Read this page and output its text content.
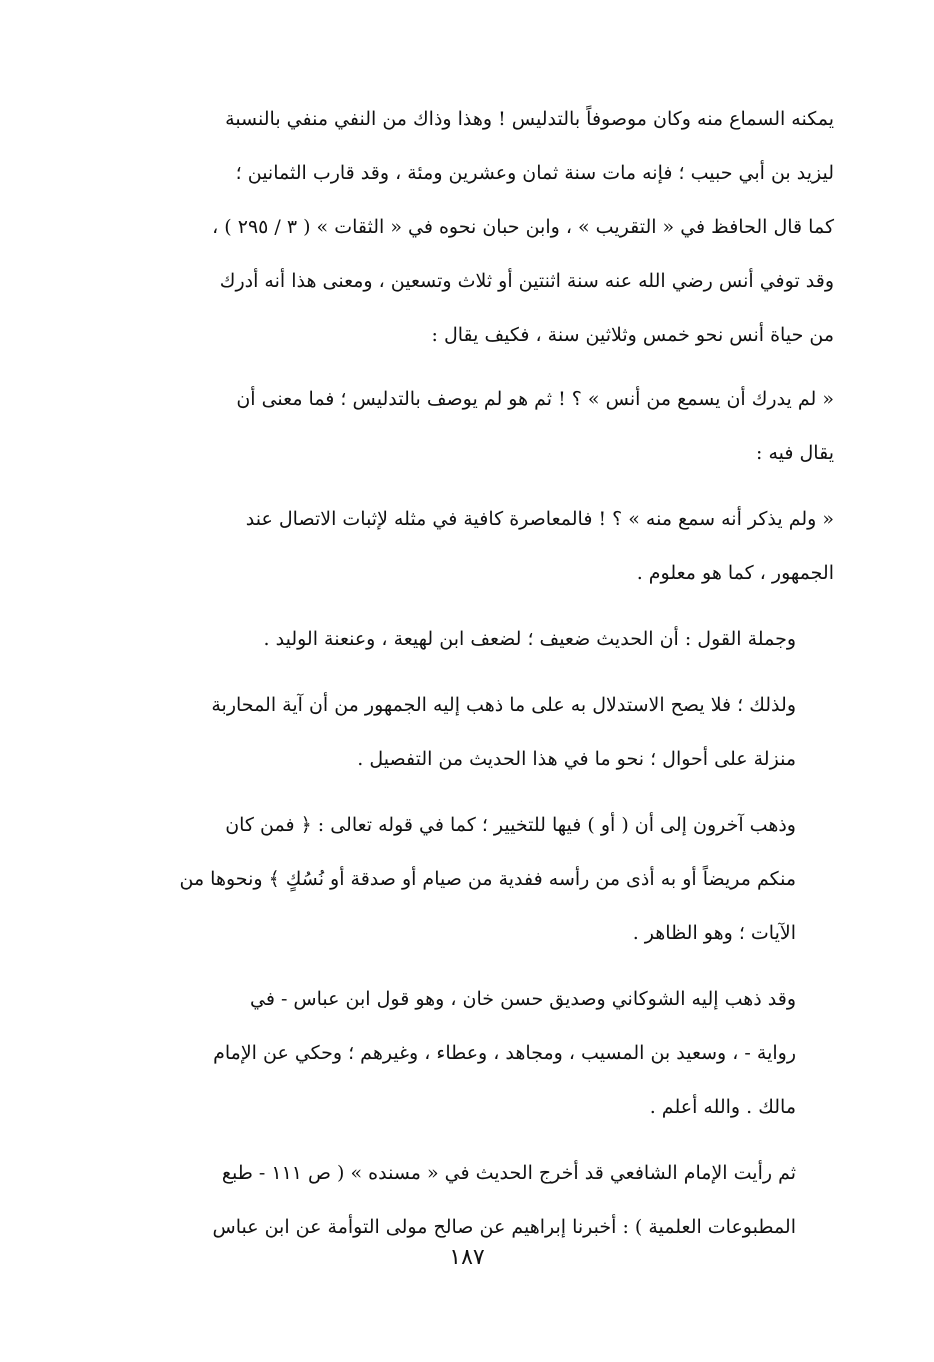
يمكنه السماع منه وكان موصوفاً بالتدليس ! وهذا وذاك من النفي منفي بالنسبة
ليزيد بن أبي حبيب ؛ فإنه مات سنة ثمان وعشرين ومئة ، وقد قارب الثمانين ؛
كما قال الحافظ في « التقريب » ، وابن حبان نحوه في « الثقات » ( ٣ / ٢٩٥ ) ،
وقد توفي أنس رضي الله عنه سنة اثنتين أو ثلاث وتسعين ، ومعنى هذا أنه أدرك
من حياة أنس نحو خمس وثلاثين سنة ، فكيف يقال :

« لم يدرك أن يسمع من أنس » ؟ ! ثم هو لم يوصف بالتدليس ؛ فما معنى أن
يقال فيه :

« ولم يذكر أنه سمع منه » ؟ ! فالمعاصرة كافية في مثله لإثبات الاتصال عند
الجمهور ، كما هو معلوم .

وجملة القول : أن الحديث ضعيف ؛ لضعف ابن لهيعة ، وعنعنة الوليد .

ولذلك ؛ فلا يصح الاستدلال به على ما ذهب إليه الجمهور من أن آية المحاربة
منزلة على أحوال ؛ نحو ما في هذا الحديث من التفصيل .

وذهب آخرون إلى أن ( أو ) فيها للتخيير ؛ كما في قوله تعالى : ﴿ فمن كان
منكم مريضاً أو به أذى من رأسه ففدية من صيام أو صدقة أو نُسُكٍ ﴾ ونحوها من
الآيات ؛ وهو الظاهر .

وقد ذهب إليه الشوكاني وصديق حسن خان ، وهو قول ابن عباس - في
رواية - ، وسعيد بن المسيب ، ومجاهد ، وعطاء ، وغيرهم ؛ وحكي عن الإمام
مالك . والله أعلم .

ثم رأيت الإمام الشافعي قد أخرج الحديث في « مسنده » ( ص ١١١ - طبع
المطبوعات العلمية ) : أخبرنا إبراهيم عن صالح مولى التوأمة عن ابن عباس

١٨٧
